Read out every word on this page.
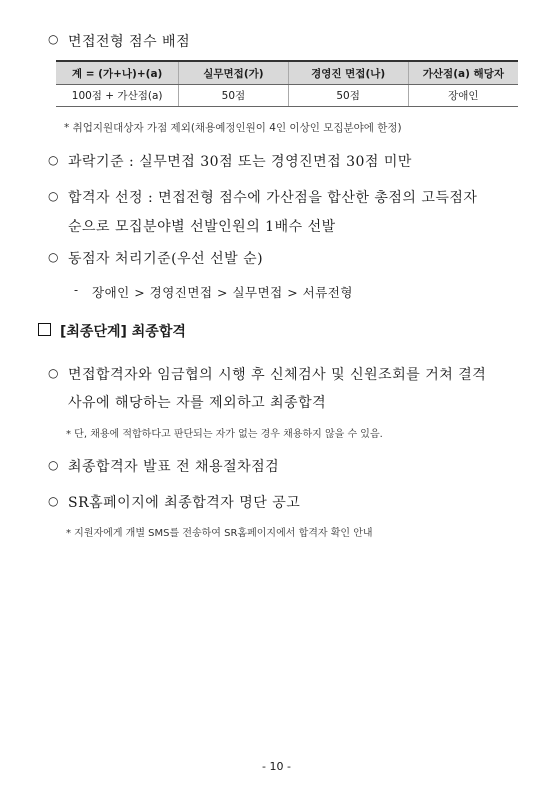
○ 면접전형 점수 배점
계 = (가+나)+(a)	실무면접(가)	경영진 면접(나)	가산점(a) 해당자
100점 + 가산점(a)	50점	50점	장애인
* 취업지원대상자 가점 제외(채용예정인원이 4인 이상인 모집분야에 한정)
○ 과락기준 : 실무면접 30점 또는 경영진면접 30점 미만
○ 합격자 선정 : 면접전형 점수에 가산점을 합산한 총점의 고득점자
순으로 모집분야별 선발인원의 1배수 선발
○ 동점자 처리기준(우선 선발 순)
- 장애인 > 경영진면접 > 실무면접 > 서류전형
[최종단계] 최종합격
○ 면접합격자와 임금협의 시행 후 신체검사 및 신원조회를 거쳐 결격
사유에 해당하는 자를 제외하고 최종합격
* 단, 채용에 적합하다고 판단되는 자가 없는 경우 채용하지 않을 수 있음.
○ 최종합격자 발표 전 채용절차점검
○ SR홈페이지에 최종합격자 명단 공고
* 지원자에게 개별 SMS를 전송하여 SR홈페이지에서 합격자 확인 안내
- 10 -
